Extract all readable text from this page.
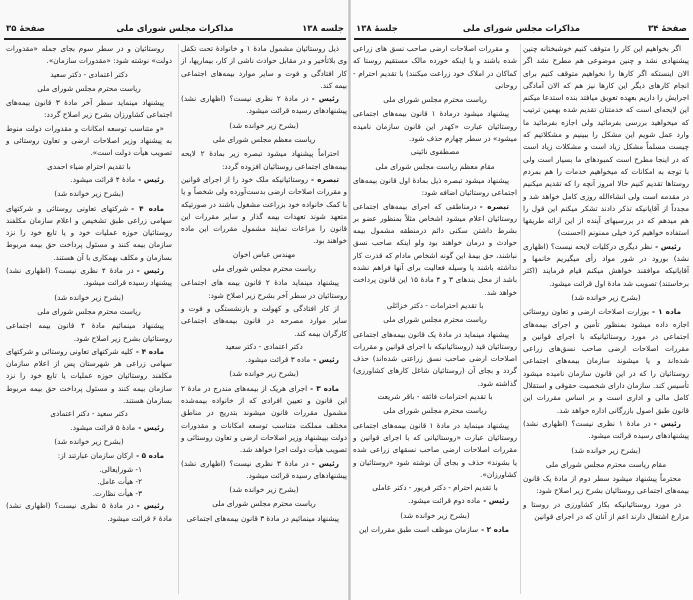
جلسه ۱۳۸
مذاکرات مجلس شورای ملی
صفحهٔ ۳۵
ذیل روستائیان مشمول مادهٔ ۱ و خانوادهٔ تحت تکفل وی بلاتأخیر و در مقابل حوادث ناشی از کار، بیماریها، از کار افتادگی و فوت و سایر موارد بیمه‌های اجتماعی بیمه کند.
رئیس -در مادهٔ ۲ نظری نیست؟ (اظهاری نشد) پیشنهادهای رسیده قرائت میشود.
(بشرح زیر خوانده شد)
ریاست معظم مجلس شورای ملی
احتراماً پیشنهاد میشود تبصره زیر بمادهٔ ۲ لایحه بیمه‌های اجتماعی روستائیان افزوده گردد:
تبصره -روستائیانیکه ملک خود را از اجرای قوانین و مقررات اصلاحات ارضی بدست‌آورده ولی شخصاً و یا با کمک خانواده خود بزراعت مشغول باشند در صورتیکه متعهد شوند تعهدات بیمه گذار و سایر مقررات این قانون را مراعات نمایند مشمول مقررات این ماده خواهند بود.
مهندس عباس اخوان
ریاست محترم مجلس شورای ملی
پیشنهاد مینماید مادهٔ ۲ قانون بیمه های اجتماعی روستائیان در سطر آخر بشرح زیر اصلاح شود:
از کار افتادگی و کهولت و بازنشستگی و فوت و سایر موارد مصرحه در قانون بیمه‌های اجتماعی کارگران بیمه کند.
دکتر اعتمادی - دکتر سعید
رئیس -ماده ۳ قرائت میشود.
(بشرح زیر خوانده شد)
ماده ۳ -اجرای هریک از بیمه‌های مندرج در مادهٔ ۲ این قانون و تعیین افرادی که از خانواده بیمه‌شده مشمول مقررات قانون میشوند بتدریج در مناطق مختلف مملکت متناسب توسعه امکانات و مقدورات دولت بپیشنهاد وزیر اصلاحات ارضی و تعاون روستائی و تصویب هیأت دولت اجرا خواهد شد.
رئیس -در مادهٔ ۳ نظری نیست؟ (اظهاری نشد) پیشنهادهای رسیده قرائت میشود.
(بشرح زیر خوانده شد)
ریاست محترم مجلس شورای ملی
پیشنهاد مینمائیم در مادهٔ ۳ قانون بیمه‌های اجتماعی
روستائیان و در سطر سوم بجای جمله «مقدورات دولت» نوشته شود: «مقدورات سازمان».
دکتر اعتمادی - دکتر سعید
ریاست محترم مجلس شورای ملی
پیشنهاد مینماید سطر آخر مادهٔ ۳ قانون بیمه‌های اجتماعی کشاورزان بشرح زیر اصلاح گردد:
«و متناسب توسعه امکانات و مقدورات دولت منوط به پیشنهاد وزیر اصلاحات ارضی و تعاون روستائی و تصویب هیأت دولت است».
با تقدیم احترام ضیاء احمدی
رئیس -مادهٔ ۴ قرائت میشود.
(بشرح زیر خوانده شد)
ماده ۴ -شرکتهای تعاونی روستائی و شرکتهای سهامی زراعی طبق تشخیص و اعلام سازمان مکلفند روستائیان حوزه عملیات خود و یا تابع خود را نزد سازمان بیمه کنند و مسئول پرداخت حق بیمه مربوط بسازمان و مکلف بهمکاری با آن هستند.
رئیس -در مادهٔ ۴ نظری نیست؟ (اظهاری نشد) پیشنهاد رسیده قرائت میشود.
(بشرح زیر خوانده شد)
ریاست محترم مجلس شورای ملی
پیشنهاد مینمائیم مادهٔ ۴ قانون بیمه اجتماعی روستائیان بشرح زیر اصلاح شود.
ماده ۴ -کلیه شرکتهای تعاونی روستائی و شرکتهای سهامی زراعی هر شهرستان پس از اعلام سازمان مکلفند روستائیان حوزه عملیات یا تابع خود را نزد سازمان بیمه کنند و مسئول پرداخت حق بیمه مربوط بسازمان هستند.
دکتر سعید - دکتر اعتمادی
رئیس -مادهٔ ۵ قرائت میشود.
(بشرح زیر خوانده شد)
ماده ۵ -ارکان سازمان عبارتند از:
۱- شورایعالی.
۲- هیأت عامل.
۳- هیأت نظارت.
رئیس -در مادهٔ ۵ نظری نیست؟ (اظهاری نشد) مادهٔ ۶ قرائت میشود.
صفحهٔ ۳۴
مذاکرات مجلس شورای ملی
جلسهٔ ۱۳۸
اگر بخواهیم این کار را متوقف کنیم خوشبختانه چنین پیشنهادی نشد و چنین موضوعی هم مطرح نشد اگر الان اینستکه اگر کارها را نخواهیم متوقف کنیم برای انجام کارهای دیگر این کارها نیز هم که الان آمادگی اجرایش را داریم بعهده تعویق میافتد بنده استدعا میکنم این لایحه‌ای است که خدمتتان تقدیم شده بهمین ترتیب که میخواهید بررسی بفرمائید ولی اجازه بفرمائید ما وارد عمل شویم این مشکل را ببینیم و مشکلاتیم که چیست مسلماً مشکل زیاد است و مشکلات زیاد است که در اینجا مطرح است کمبودهای ما بسیار است ولی با توجه به امکانات که میخواهیم خدمات را هم بمردم روستاها تقدیم کنیم حالا امروز آنچه را که تقدیم میکنیم در مقدمه است ولی انشاءالله روزی کامل خواهد شد و مجدداً از آقایانیکه تذکر دادند تشکر میکنم این قول را هم میدهم که در بررسیهای آینده از این ارائه طریقها استفاده خواهیم کرد خیلی ممنونم (احسنت)
رئیس -نظر دیگری درکلیات لایحه نیست؟ (اظهاری نشد) بورود در شور مواد رأی میگیریم خانمها و آقایانیکه موافقند خواهش میکنم قیام فرمایند (اکثر برخاستند) تصویب شد مادهٔ اول قرائت میشود.
(بشرح زیر خوانده شد)
ماده ۱ -بوزارت اصلاحات ارضی و تعاون روستائی اجازه داده میشود بمنظور تأمین و اجرای بیمه‌های اجتماعی در مورد روستائیانیکه با اجرای قوانین و مقررات اصلاحات ارضی صاحب نسق‌های زراعی شده‌اند و یا میشوند سازمان بیمه‌های اجتماعی روستائیان را که در این قانون سازمان نامیده میشود تأسیس کند. سازمان دارای شخصیت حقوقی و استقلال کامل مالی و اداری است و بر اساس مقررات این قانون طبق اصول بازرگانی اداره خواهد شد.
رئیس -در مادهٔ ۱ نظری نیست؟ (اظهاری نشد) پیشنهادهای رسیده قرائت میشود.
(بشرح زیر خوانده شد)
مقام ریاست محترم مجلس شورای ملی
محترماً پیشنهاد میشود سطر دوم از مادهٔ یک قانون بیمه‌های اجتماعی روستائیان بشرح زیر اصلاح شود:
در مورد روستائیانیکه بکار کشاورزی در روستا و مزارع اشتغال دارند اعم از آنان که در اجرای قوانین
و مقررات اصلاحات ارضی صاحب نسق های زراعی شده باشند و یا اینکه خورده مالک مستقیم روستا که کماکان در املاک خود زراعت میکنند) با تقدیم احترام - روحانی
ریاست محترم مجلس شورای ملی
پیشنهاد میشود درمادهٔ ۱ قانون بیمه‌های اجتماعی روستائیان عبارت «کهدر این قانون سازمان نامیده میشود» در سطر چهارم حذف شود.
مصطفوی نائینی
مقام معظم ریاست مجلس شورای ملی
پیشنهاد میشود تبصره ذیل بمادهٔ اول قانون بیمه‌های اجتماعی روستائیان اضافه شود:
تبصره -درمناطقی که اجرای بیمه‌های اجتماعی روستائیان اعلام میشود اشخاص مثلاً بمنظور عضو بر بشرط داشتن سکنی دائم درمنطقه مشمول بیمه حوادث و درمان خواهند بود ولو اینکه صاحب نسق نباشند، حق بیمهٔ این گونه اشخاص مادام که قدرت کار نداشته باشند یا وسیله فعالیت برای آنها فراهم نشده باشد از محل بندهای ۳ و ۴ مادهٔ ۱۵ این قانون پرداخت خواهد شد.
با تقدیم احترامات - دکتر خزائلی
ریاست محترم مجلس شورای ملی
پیشنهاد مینماید در مادهٔ یک قانون بیمه‌های اجتماعی روستائیان قید (روستائیانیکه با اجرای قوانین و مقررات اصلاحات ارضی صاحب نسق زراعتی شده‌اند) حذف گردد و بجای آن (روستائیان شاغل کارهای کشاورزی) گذاشته شود.
با تقدیم احترامات فائقه - باقر شریعت
ریاست محترم مجلس شورای ملی
پیشنهاد مینماید در مادهٔ ۱ قانون بیمه‌های اجتماعی روستائیان عبارت «روستائیانی که با اجرای قوانین و مقررات اصلاحات ارضی صاحب نسقهای زراعی شده یا بشوند» حذف و بجای آن نوشته شود «روستائیان و کشاورزان».
با تقدیم احترام - دکتر فریور - دکتر عاملی
رئیس -ماده دوم قرائت میشود.
(بشرح زیر خوانده شد)
ماده ۲ -سازمان موظف است طبق مقررات این
